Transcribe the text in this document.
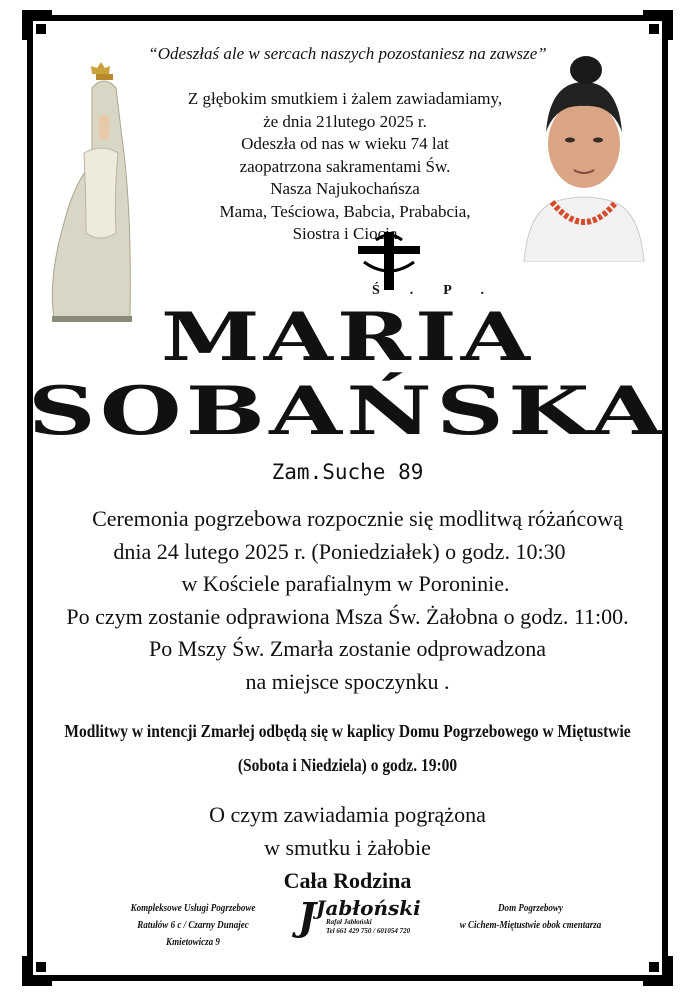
“Odeszłaś ale w sercach naszych pozostaniesz na zawsze”
Z głębokim smutkiem i żalem zawiadamiamy,
że dnia 21lutego 2025 r.
Odeszła od nas w wieku 74 lat
zaopatrzona sakramentami Św.
Nasza Najukochańsza
Mama, Teściowa, Babcia, Prababcia,
Siostra i Ciocia
Ś.P.
MARIA
SOBAŃSKA
Zam.Suche 89
Ceremonia pogrzebowa rozpocznie się modlitwą różańcową
dnia 24 lutego 2025 r. (Poniedziałek) o godz. 10:30
w Kościele parafialnym w Poroninie.
Po czym zostanie odprawiona Msza Św. Żałobna o godz. 11:00.
Po Mszy Św. Zmarła zostanie odprowadzona
na miejsce spoczynku .
Modlitwy w intencji Zmarłej odbędą się w kaplicy Domu Pogrzebowego w Miętustwie
(Sobota i Niedziela) o godz. 19:00
O czym zawiadamia pogrążona
w smutku i żałobie
Cała Rodzina
Kompleksowe Usługi Pogrzebowe
Ratułów 6 c / Czarny Dunajec Kmietowicza 9
J Jabłoński
Rafał Jabłoński
Tel 661 429 750 / 601054 720
Dom Pogrzebowy
w Cichem-Miętustwie obok cmentarza
